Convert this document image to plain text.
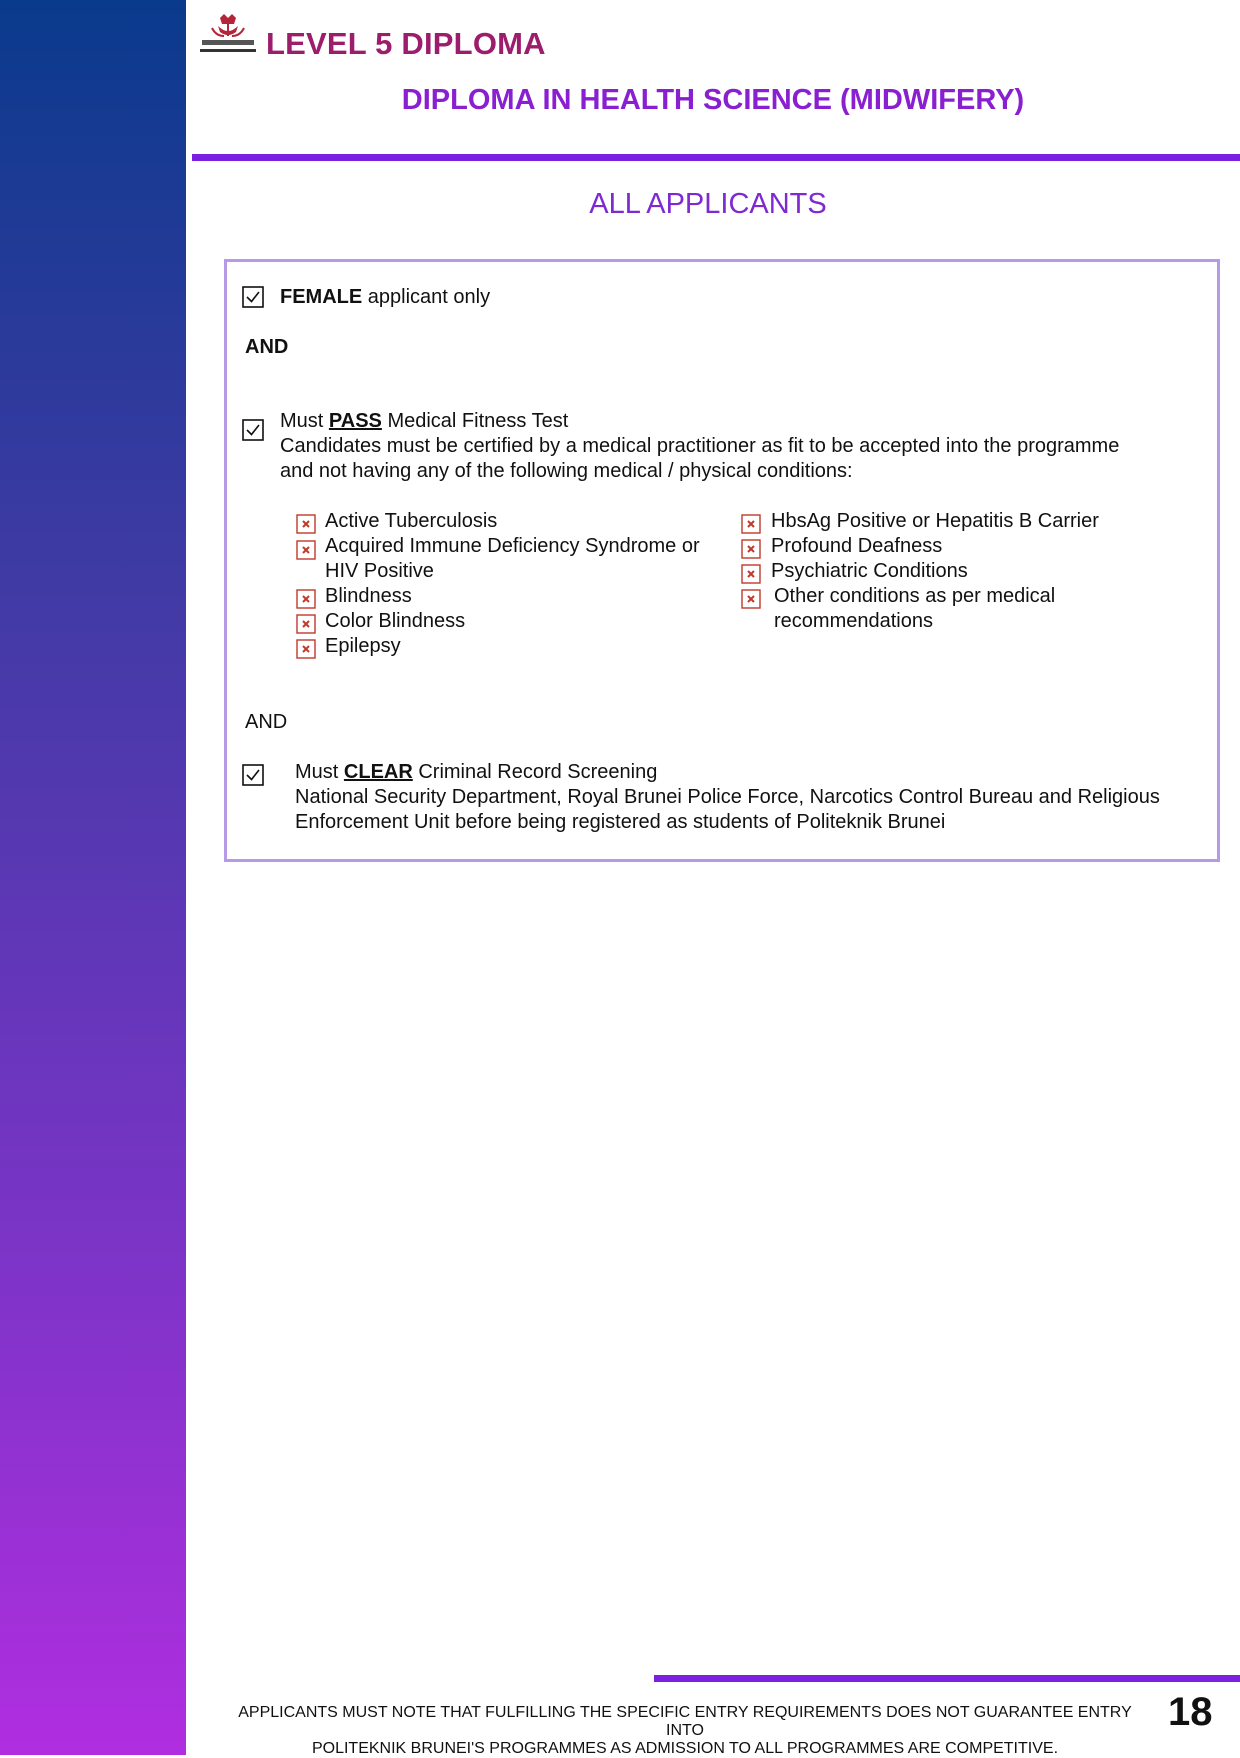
LEVEL 5 DIPLOMA
DIPLOMA IN HEALTH SCIENCE (MIDWIFERY)
ALL APPLICANTS
FEMALE applicant only
AND
Must PASS Medical Fitness Test
Candidates must be certified by a medical practitioner as fit to be accepted into the programme
and not having any of the following medical / physical conditions:
Active Tuberculosis
Acquired Immune Deficiency Syndrome or
HIV Positive
Blindness
Color Blindness
Epilepsy
HbsAg Positive or Hepatitis B Carrier
Profound Deafness
Psychiatric Conditions
Other conditions as per medical
recommendations
AND
Must CLEAR Criminal Record Screening
National Security Department, Royal Brunei Police Force, Narcotics Control Bureau and Religious
Enforcement Unit before being registered as students of Politeknik Brunei
APPLICANTS MUST NOTE THAT FULFILLING THE SPECIFIC ENTRY REQUIREMENTS DOES NOT GUARANTEE ENTRY INTO
POLITEKNIK BRUNEI'S PROGRAMMES AS ADMISSION TO ALL PROGRAMMES ARE COMPETITIVE.
18
